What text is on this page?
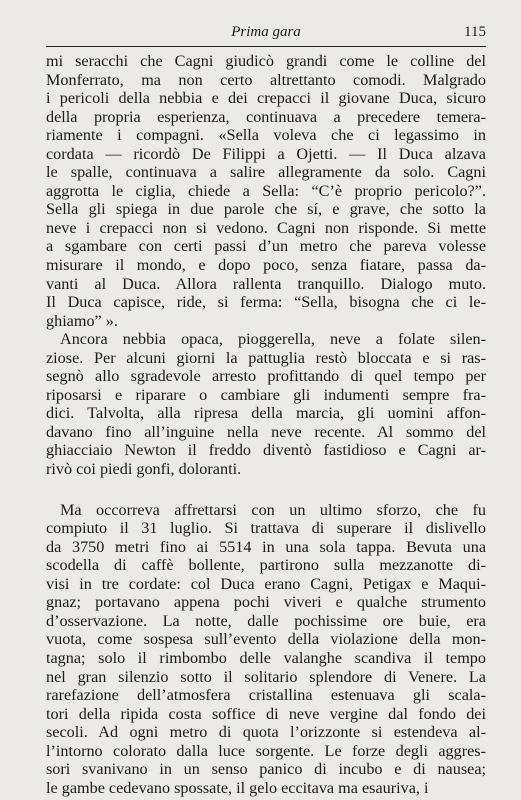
Prima gara	115
mi seracchi che Cagni giudicò grandi come le colline del
Monferrato, ma non certo altrettanto comodi. Malgrado
i pericoli della nebbia e dei crepacci il giovane Duca, sicuro
della propria esperienza, continuava a precedere temera-
riamente i compagni. «Sella voleva che ci legassimo in
cordata — ricordò De Filippi a Ojetti. — Il Duca alzava
le spalle, continuava a salire allegramente da solo. Cagni
aggrotta le ciglia, chiede a Sella: “C’è proprio pericolo?”.
Sella gli spiega in due parole che sí, e grave, che sotto la
neve i crepacci non si vedono. Cagni non risponde. Si mette
a sgambare con certi passi d’un metro che pareva volesse
misurare il mondo, e dopo poco, senza fiatare, passa da-
vanti al Duca. Allora rallenta tranquillo. Dialogo muto.
Il Duca capisce, ride, si ferma: “Sella, bisogna che ci le-
ghiamo” ».
Ancora nebbia opaca, pioggerella, neve a folate silen-
ziose. Per alcuni giorni la pattuglia restò bloccata e si ras-
segnò allo sgradevole arresto profittando di quel tempo per
riposarsi e riparare o cambiare gli indumenti sempre fra-
dici. Talvolta, alla ripresa della marcia, gli uomini affon-
davano fino all’inguine nella neve recente. Al sommo del
ghiacciaio Newton il freddo diventò fastidioso e Cagni ar-
rivò coi piedi gonfi, doloranti.
Ma occorreva affrettarsi con un ultimo sforzo, che fu
compiuto il 31 luglio. Si trattava di superare il dislivello
da 3750 metri fino ai 5514 in una sola tappa. Bevuta una
scodella di caffè bollente, partirono sulla mezzanotte di-
visi in tre cordate: col Duca erano Cagni, Petigax e Maqui-
gnaz; portavano appena pochi viveri e qualche strumento
d’osservazione. La notte, dalle pochissime ore buie, era
vuota, come sospesa sull’evento della violazione della mon-
tagna; solo il rimbombo delle valanghe scandiva il tempo
nel gran silenzio sotto il solitario splendore di Venere. La
rarefazione dell’atmosfera cristallina estenuava gli scala-
tori della ripida costa soffice di neve vergine dal fondo dei
secoli. Ad ogni metro di quota l’orizzonte si estendeva al-
l’intorno colorato dalla luce sorgente. Le forze degli aggres-
sori svanivano in un senso panico di incubo e di nausea;
le gambe cedevano spossate, il gelo eccitava ma esauriva, i
